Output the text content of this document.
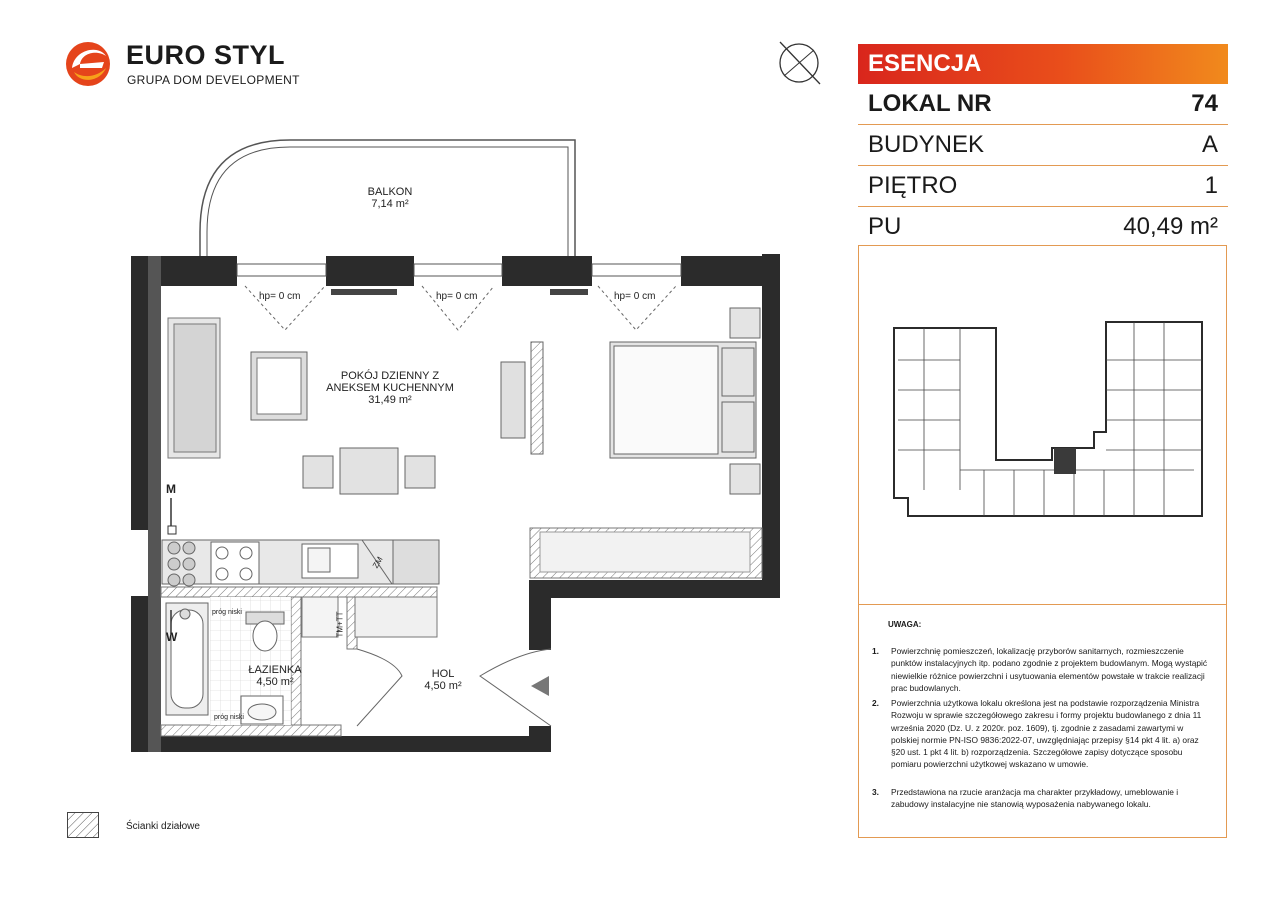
EURO STYL
GRUPA DOM DEVELOPMENT
BALKON
7,14 m²
POKÓJ DZIENNY Z
ANEKSEM KUCHENNYM
31,49 m²
ŁAZIENKA
4,50 m²
HOL
4,50 m²
hp= 0 cm	hp= 0 cm	hp= 0 cm
próg niski
próg niski
M
W
ZM
TM+TT
Ścianki działowe
ESENCJA
LOKAL NR	74
BUDYNEK	A
PIĘTRO	1
PU	40,49 m²
UWAGA:
1. Powierzchnię pomieszczeń, lokalizację przyborów sanitarnych, rozmieszczenie punktów instalacyjnych itp. podano zgodnie z projektem budowlanym. Mogą wystąpić niewielkie różnice powierzchni i usytuowania elementów powstałe w trakcie realizacji prac budowlanych.
2. Powierzchnia użytkowa lokalu określona jest na podstawie rozporządzenia Ministra Rozwoju w sprawie szczegółowego zakresu i formy projektu budowlanego z dnia 11 września 2020 (Dz. U. z 2020r. poz. 1609), tj. zgodnie z zasadami zawartymi w polskiej normie PN-ISO 9836:2022-07, uwzględniając przepisy §14 pkt 4 lit. a) oraz §20 ust. 1 pkt 4 lit. b) rozporządzenia. Szczegółowe zapisy dotyczące sposobu pomiaru powierzchni użytkowej wskazano w umowie.
3. Przedstawiona na rzucie aranżacja ma charakter przykładowy, umeblowanie i zabudowy instalacyjne nie stanowią wyposażenia nabywanego lokalu.
